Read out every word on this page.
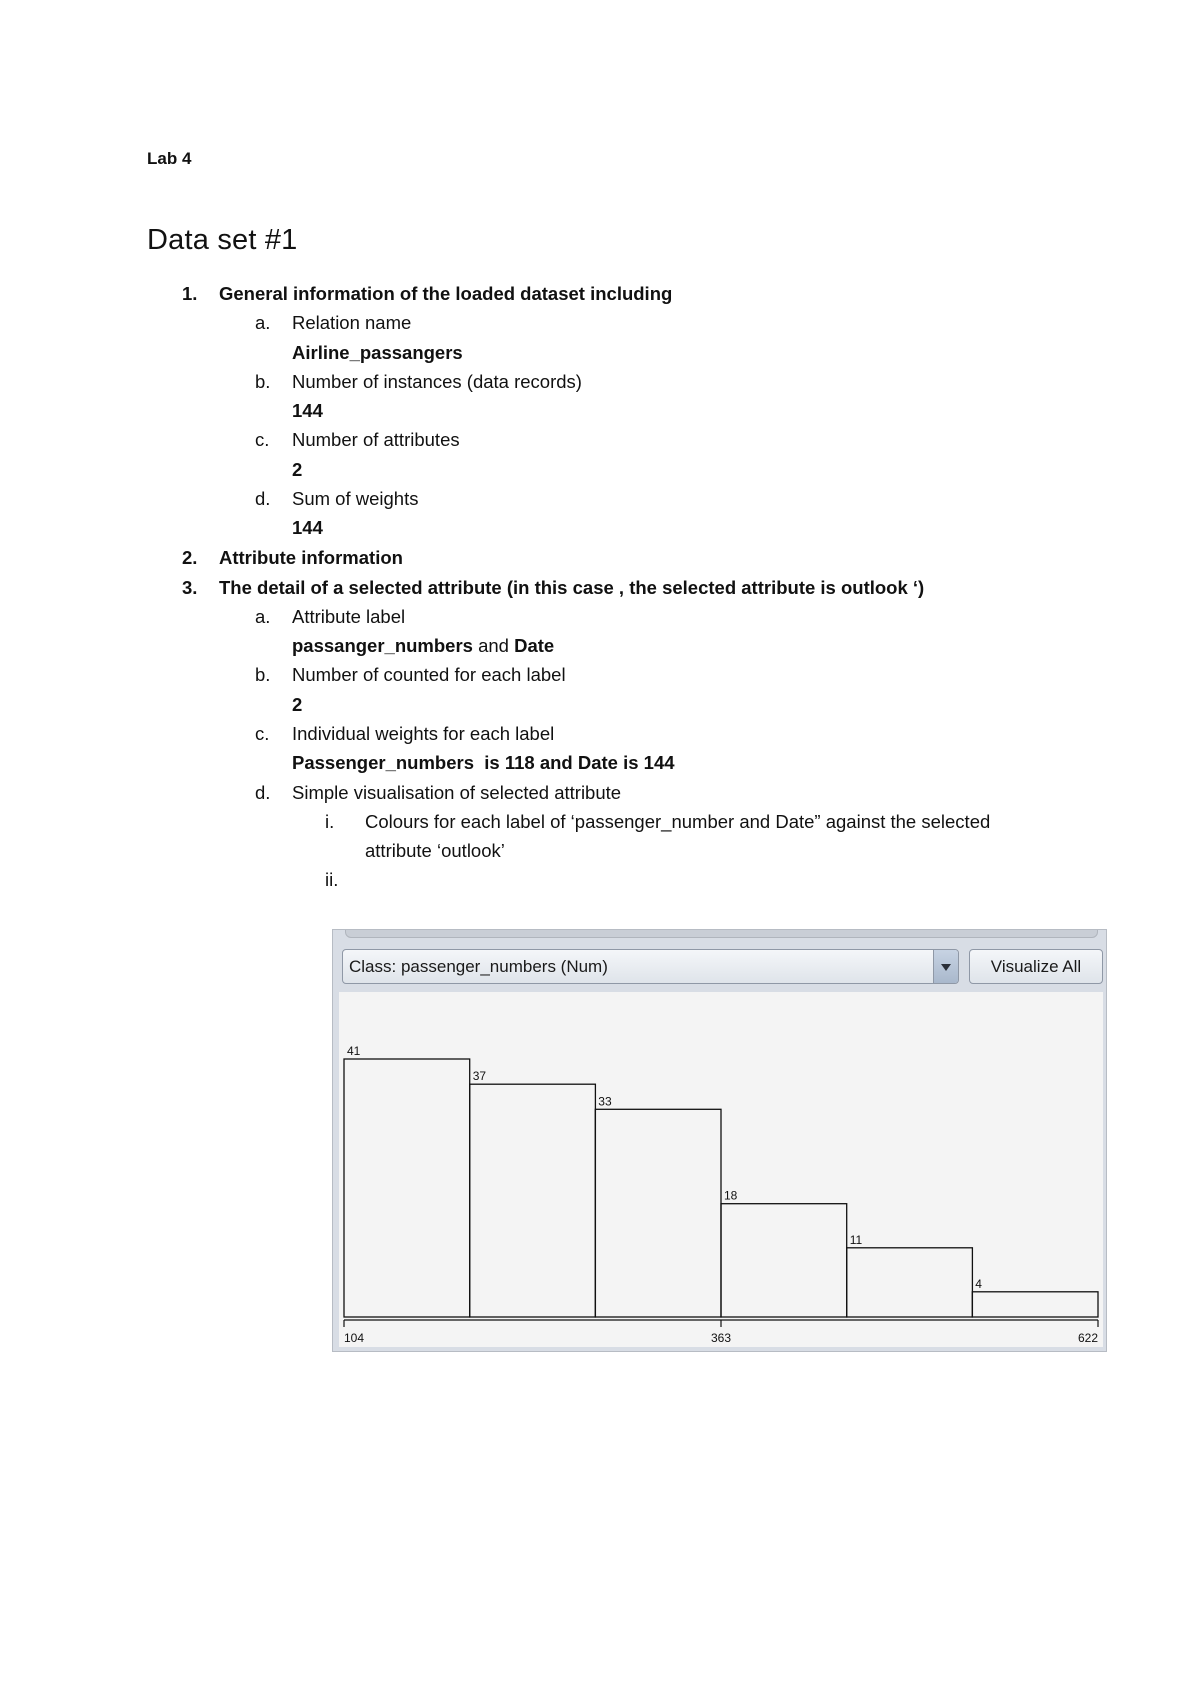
Lab 4
Data set #1
1. General information of the loaded dataset including
a. Relation name
Airline_passangers
b. Number of instances (data records)
144
c. Number of attributes
2
d. Sum of weights
144
2. Attribute information
3. The detail of a selected attribute (in this case , the selected attribute is outlook ‘)
a. Attribute label
passanger_numbers and Date
b. Number of counted for each label
2
c. Individual weights for each label
Passenger_numbers  is 118 and Date is 144
d. Simple visualisation of selected attribute
i. Colours for each label of ‘passenger_number and Date” against the selected
attribute ‘outlook’
ii.
Class: passenger_numbers (Num)	Visualize All
41
37
33
18
11
4
104	363	622
